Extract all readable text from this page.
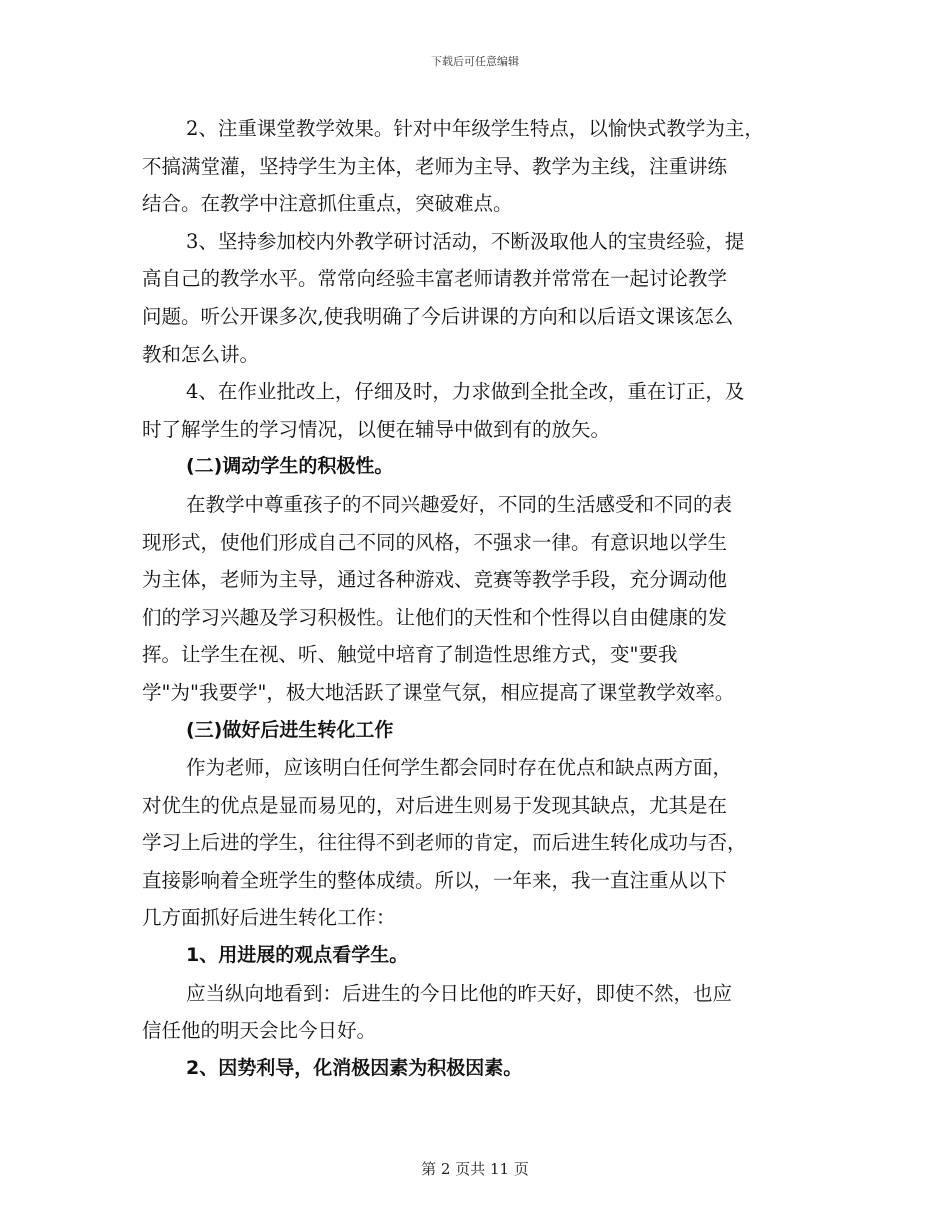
下载后可任意编辑
2、注重课堂教学效果。针对中年级学生特点，以愉快式教学为主，
不搞满堂灌，坚持学生为主体，老师为主导、教学为主线，注重讲练
结合。在教学中注意抓住重点，突破难点。
3、坚持参加校内外教学研讨活动，不断汲取他人的宝贵经验，提
高自己的教学水平。常常向经验丰富老师请教并常常在一起讨论教学
问题。听公开课多次,使我明确了今后讲课的方向和以后语文课该怎么
教和怎么讲。
4、在作业批改上，仔细及时，力求做到全批全改，重在订正，及
时了解学生的学习情况，以便在辅导中做到有的放矢。
(二)调动学生的积极性。
在教学中尊重孩子的不同兴趣爱好，不同的生活感受和不同的表
现形式，使他们形成自己不同的风格，不强求一律。有意识地以学生
为主体，老师为主导，通过各种游戏、竞赛等教学手段，充分调动他
们的学习兴趣及学习积极性。让他们的天性和个性得以自由健康的发
挥。让学生在视、听、触觉中培育了制造性思维方式，变"要我
学"为"我要学"，极大地活跃了课堂气氛，相应提高了课堂教学效率。
(三)做好后进生转化工作
作为老师，应该明白任何学生都会同时存在优点和缺点两方面，
对优生的优点是显而易见的，对后进生则易于发现其缺点，尤其是在
学习上后进的学生，往往得不到老师的肯定，而后进生转化成功与否，
直接影响着全班学生的整体成绩。所以，一年来，我一直注重从以下
几方面抓好后进生转化工作：
1、用进展的观点看学生。
应当纵向地看到：后进生的今日比他的昨天好，即使不然，也应
信任他的明天会比今日好。
2、因势利导，化消极因素为积极因素。
第 2 页共 11 页
